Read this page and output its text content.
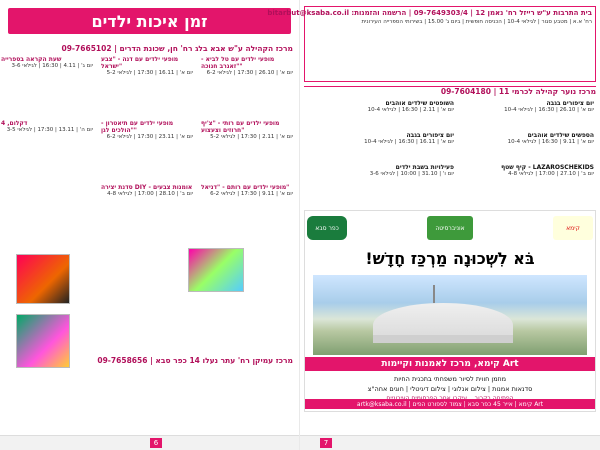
זמן איכות ילדים
מרכז הקהילה ע"ש אבא בלג רח' חן, שכונת הדרים | 09-7665102
מופעי ילדים עם טל לביא - "זאגרב חנוכה"
יום א' | 26.10 | 17:30 | לגילאי 6-2
מופעי ילדים עם רותי - "צ'יף חרוזים וצעצוע"
יום א' | 2.11 | 17:30 | לגילאי 5-2
מופעי ילדים עם רותם - "דניאל"
יום א' | 9.11 | 17:30 | לגילאי 6-2
מופעי ילדים עם דנה - "צבע ישראל"
יום א' | 16.11 | 17:30 | לגילאי 5-2
מופעי ילדים עם תיאטרון - "הולכים לגן"
יום א' | 23.11 | 17:30 | לגילאי 6-2
סדנת יצירה DIY - אומנות צבעים
יום ב' | 28.10 | 17:00 | לגילאי 4-8
שעת הקראה בספרייה
יום ג' | 4.11 | 16:30 | לגילאי 3-6
דקלום, 4
יום ה' | 13.11 | 17:30 | לגילאי 3-5
מרכז עמיקן רח' עתר נעלו 14 כפר סבא | 09-7658656
6
בית התרבות ע"ש רייזל רח' נאמן 12 | 09-7649303/4 | הרשמה והזמנות: bitarbut@ksaba.co.il
רח' א.א | מטבע סגור | לגילאי 10-4 | הכניסה חופשית | ביום ג' 15.00 | בשירותי הספרייה העירונית
מרכז נוער קהילה לכרמי 11 | 09-7604180
יום ציפורים בגבה
יום א' | 26.10 | 16:30 | לגילאי 10-4
השופטים שילדים אוהבים
יום א' | 2.11 | 16:30 | לגילאי 10-4
הספשים שילדים אוהבים
יום א' | 9.11 | 16:30 | לגילאי 10-4
יום ציפורים בגבה
יום א' | 16.11 | 16:30 | לגילאי 10-4
LAZAROSCHEKIDS - קיף שטף
יום ב' | 27.10 | 17:00 | לגילאי 4-8
פעילויות בשבת ילדים
יום ו' | 31.10 | 10:00 | לגילאי 3-6
כפר סבא	אוניברסיטה	קימא
בֹּא לִשְׁכוּנָה מַרְכַּז חָדָשׁ!
Art קימא, מרכז לאמנות וקיימות
מוזמן חווית לסיור משפחתי בתכנית החיות
סדנאות אמנות | צילום אנלוגי | צילום דיגיטלי | חוגים אחה"צ
Art קימא | אייר 45 כפר סבא | צמוד לספורט הפים | artk@ksaba.co.il
7
